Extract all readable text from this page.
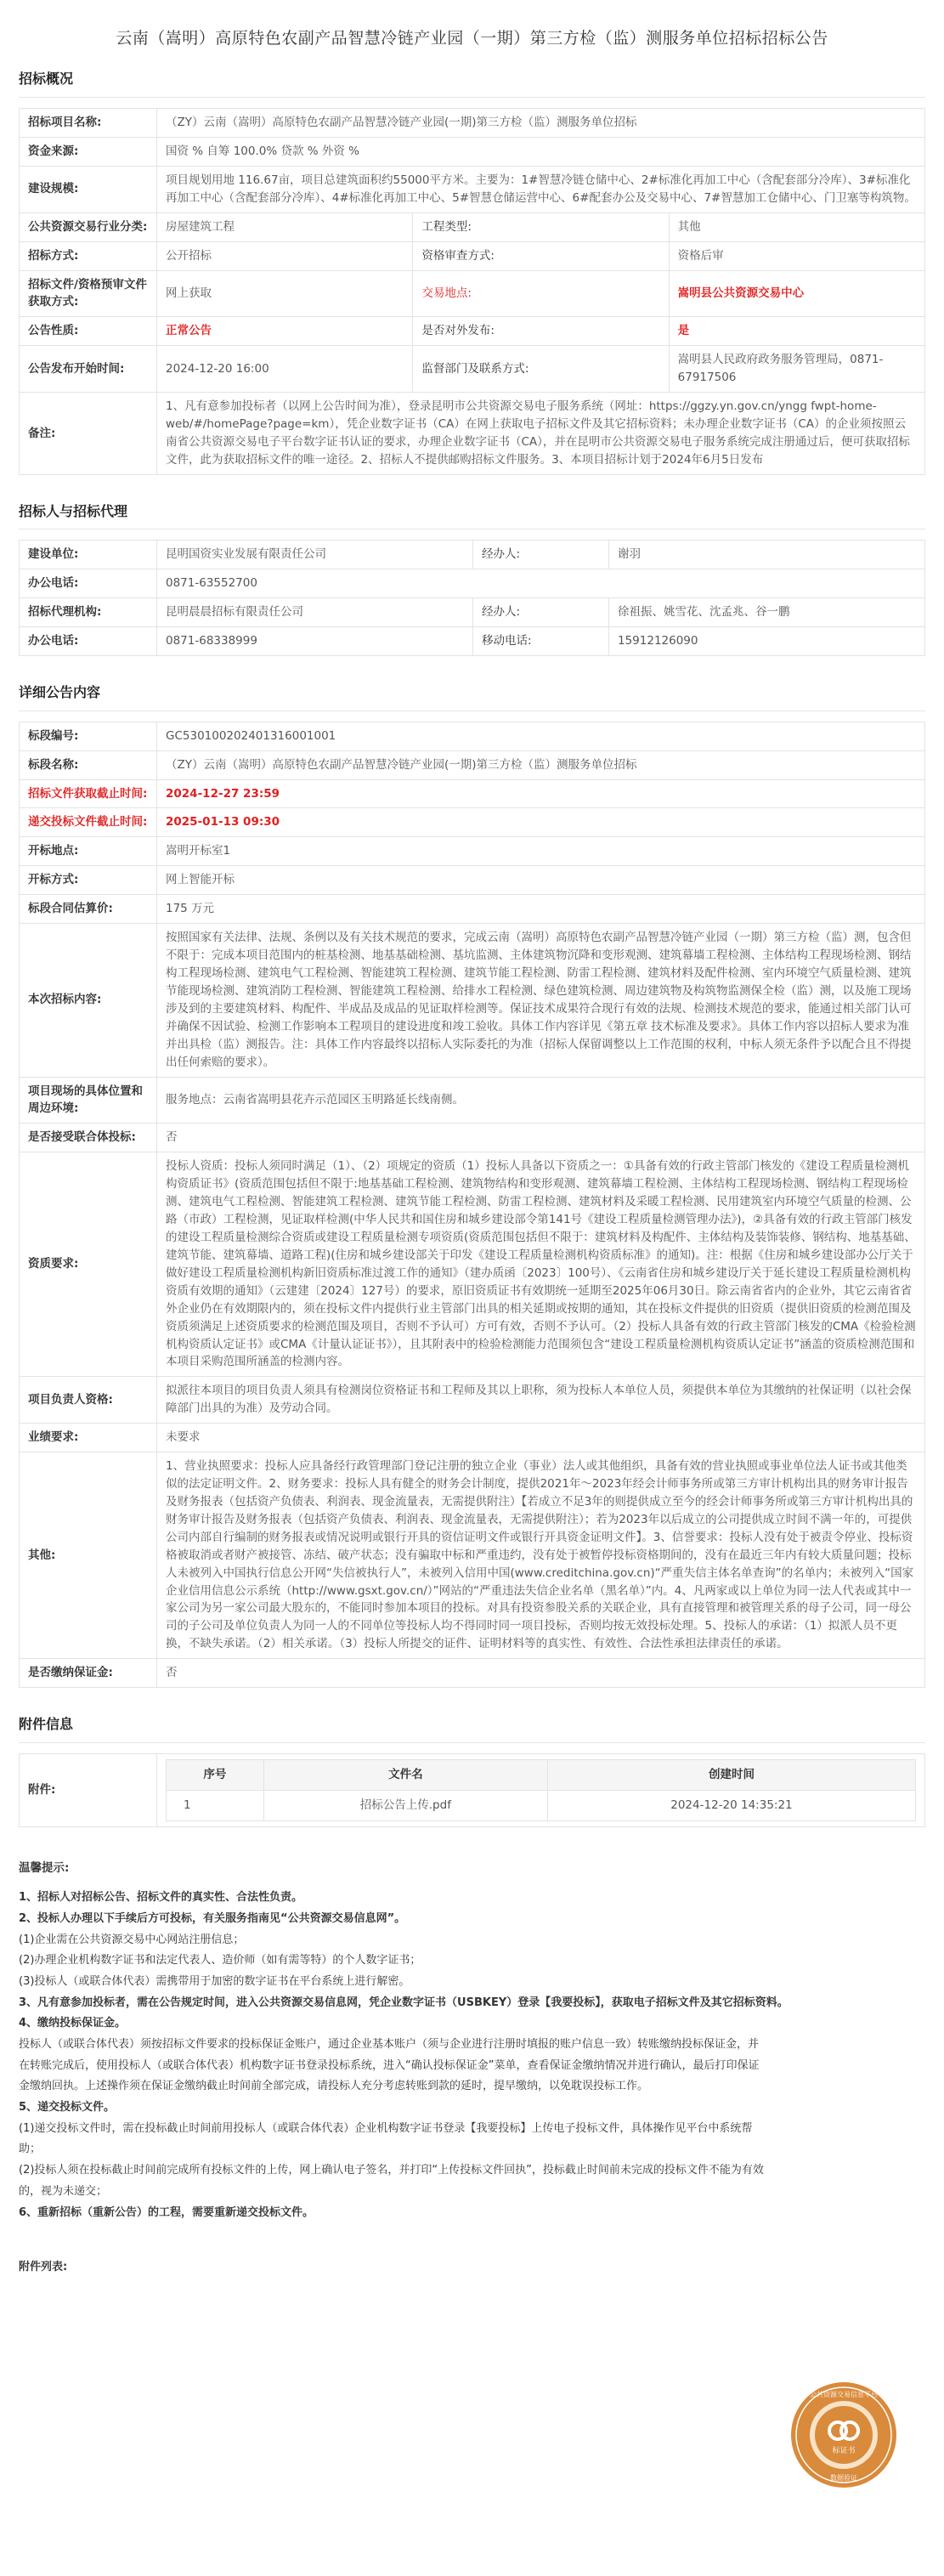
云南（嵩明）高原特色农副产品智慧冷链产业园（一期）第三方检（监）测服务单位招标招标公告
招标概况
招标项目名称:	（ZY）云南（嵩明）高原特色农副产品智慧冷链产业园(一期)第三方检（监）测服务单位招标		
资金来源:	国资 % 自筹 100.0% 贷款 % 外资 %		
建设规模:	项目规划用地 116.67亩，项目总建筑面积约55000平方米。主要为：1#智慧冷链仓储中心、2#标准化再加工中心（含配套部分冷库）、3#标准化再加工中心（含配套部分冷库）、4#标准化再加工中心、5#智慧仓储运营中心、6#配套办公及交易中心、7#智慧加工仓储中心、门卫塞等构筑物。		
公共资源交易行业分类:	房屋建筑工程	工程类型:	其他
招标方式:	公开招标	资格审查方式:	资格后审
招标文件/资格预审文件获取方式:	网上获取	交易地点:	嵩明县公共资源交易中心
公告性质:	正常公告	是否对外发布:	是
公告发布开始时间:	2024-12-20 16:00	监督部门及联系方式:	嵩明县人民政府政务服务管理局，0871-67917506
备注:	1、凡有意参加投标者（以网上公告时间为准），登录昆明市公共资源交易电子服务系统（网址：https://ggzy.yn.gov.cn/yngg fwpt-home-web/#/homePage?page=km），凭企业数字证书（CA）在网上获取电子招标文件及其它招标资料；未办理企业数字证书（CA）的企业须按照云南省公共资源交易电子平台数字证书认证的要求，办理企业数字证书（CA），并在昆明市公共资源交易电子服务系统完成注册通过后，便可获取招标文件，此为获取招标文件的唯一途径。2、招标人不提供邮购招标文件服务。3、本项目招标计划于2024年6月5日发布		
招标人与招标代理
建设单位:	昆明国资实业发展有限责任公司	经办人:	谢羽
办公电话:	0871-63552700		
招标代理机构:	昆明晨晨招标有限责任公司	经办人:	徐祖振、姚雪花、沈孟兆、谷一鹏
办公电话:	0871-68338999	移动电话:	15912126090
详细公告内容
标段编号:	GC530100202401316001001
标段名称:	（ZY）云南（嵩明）高原特色农副产品智慧冷链产业园(一期)第三方检（监）测服务单位招标
招标文件获取截止时间:	2024-12-27 23:59
递交投标文件截止时间:	2025-01-13 09:30
开标地点:	嵩明开标室1
开标方式:	网上智能开标
标段合同估算价:	175 万元
本次招标内容:	按照国家有关法律、法规、条例以及有关技术规范的要求，完成云南（嵩明）高原特色农副产品智慧冷链产业园（一期）第三方检（监）测，包含但不限于：完成本项目范围内的桩基检测、地基基础检测、基坑监测、主体建筑物沉降和变形观测、建筑幕墙工程检测、主体结构工程现场检测、钢结构工程现场检测、建筑电气工程检测、智能建筑工程检测、建筑节能工程检测、防雷工程检测、建筑材料及配件检测、室内环境空气质量检测、建筑节能现场检测、建筑消防工程检测、智能建筑工程检测、给排水工程检测、绿色建筑检测、周边建筑物及构筑物监测保全检（监）测，以及施工现场涉及到的主要建筑材料、构配件、半成品及成品的见证取样检测等。保证技术成果符合现行有效的法规、检测技术规范的要求，能通过相关部门认可并确保不因试验、检测工作影响本工程项目的建设进度和竣工验收。具体工作内容详见《第五章 技术标准及要求》。具体工作内容以招标人要求为准并出具检（监）测报告。注：具体工作内容最终以招标人实际委托的为准（招标人保留调整以上工作范围的权利，中标人须无条件予以配合且不得提出任何索赔的要求）。
项目现场的具体位置和周边环境:	服务地点：云南省嵩明县花卉示范园区玉明路延长线南侧。
是否接受联合体投标:	否
资质要求:	投标人资质：投标人须同时满足（1）、（2）项规定的资质（1）投标人具备以下资质之一：①具备有效的行政主管部门核发的《建设工程质量检测机构资质证书》(资质范围包括但不限于:地基基础工程检测、建筑物结构和变形观测、建筑幕墙工程检测、主体结构工程现场检测、钢结构工程现场检测、建筑电气工程检测、智能建筑工程检测、建筑节能工程检测、防雷工程检测、建筑材料及采暖工程检测、民用建筑室内环境空气质量的检测、公路（市政）工程检测，见证取样检测(中华人民共和国住房和城乡建设部令第141号《建设工程质量检测管理办法》)，②具备有效的行政主管部门核发的建设工程质量检测综合资质或建设工程质量检测专项资质(资质范围包括但不限于：建筑材料及构配件、主体结构及装饰装修、钢结构、地基基础、建筑节能、建筑幕墙、道路工程)(住房和城乡建设部关于印发《建设工程质量检测机构资质标准》的通知)。注：根据《住房和城乡建设部办公厅关于做好建设工程质量检测机构新旧资质标准过渡工作的通知》（建办质函〔2023〕100号）、《云南省住房和城乡建设厅关于延长建设工程质量检测机构资质有效期的通知》（云建建〔2024〕127号）的要求，原旧资质证书有效期统一延期至2025年06月30日。除云南省省内的企业外，其它云南省省外企业仍在有效期限内的，须在投标文件内提供行业主管部门出具的相关延期或按期的通知，其在投标文件提供的旧资质（提供旧资质的检测范围及资质须满足上述资质要求的检测范围及项目，否则不予认可）方可有效，否则不予认可。（2）投标人具备有效的行政主管部门核发的CMA《检验检测机构资质认定证书》或CMA《计量认证证书》），且其附表中的检验检测能力范围须包含“建设工程质量检测机构资质认定证书”涵盖的资质检测范围和本项目采购范围所涵盖的检测内容。
项目负责人资格:	拟派往本项目的项目负责人须具有检测岗位资格证书和工程师及其以上职称，须为投标人本单位人员，须提供本单位为其缴纳的社保证明（以社会保障部门出具的为准）及劳动合同。
业绩要求:	未要求
其他:	1、营业执照要求：投标人应具备经行政管理部门登记注册的独立企业（事业）法人或其他组织，具备有效的营业执照或事业单位法人证书或其他类似的法定证明文件。2、财务要求：投标人具有健全的财务会计制度，提供2021年～2023年经会计师事务所或第三方审计机构出具的财务审计报告及财务报表（包括资产负债表、利润表、现金流量表，无需提供附注）【若成立不足3年的则提供成立至今的经会计师事务所或第三方审计机构出具的财务审计报告及财务报表（包括资产负债表、利润表、现金流量表，无需提供附注）；若为2023年以后成立的公司提供成立时间不满一年的，可提供公司内部自行编制的财务报表或情况说明或银行开具的资信证明文件或银行开具资金证明文件】。3、信誉要求：投标人没有处于被责令停业、投标资格被取消或者财产被接管、冻结、破产状态；没有骗取中标和严重违约，没有处于被暂停投标资格期间的，没有在最近三年内有较大质量问题；投标人未被列入中国执行信息公开网“失信被执行人”，未被列入信用中国(www.creditchina.gov.cn)“严重失信主体名单查询”的名单内；未被列入“国家企业信用信息公示系统（http://www.gsxt.gov.cn/）”网站的“严重违法失信企业名单（黑名单）”内。4、凡两家或以上单位为同一法人代表或其中一家公司为另一家公司最大股东的，不能同时参加本项目的投标。对具有投资参股关系的关联企业，具有直接管理和被管理关系的母子公司，同一母公司的子公司及单位负责人为同一人的不同单位等投标人均不得同时同一项目投标，否则均按无效投标处理。5、投标人的承诺：（1）拟派人员不更换，不缺失承诺。（2）相关承诺。（3）投标人所提交的证件、证明材料等的真实性、有效性、合法性承担法律责任的承诺。
是否缴纳保证金:	否
附件信息
附件:	
序号	文件名	创建时间
1	招标公告上传.pdf	2024-12-20 14:35:21
温馨提示:

1、招标人对招标公告、招标文件的真实性、合法性负责。

2、投标人办理以下手续后方可投标，有关服务指南见“公共资源交易信息网”。

(1)企业需在公共资源交易中心网站注册信息；

(2)办理企业机构数字证书和法定代表人、造价师（如有需等特）的个人数字证书；

(3)投标人（或联合体代表）需携带用于加密的数字证书在平台系统上进行解密。

3、凡有意参加投标者，需在公告规定时间，进入公共资源交易信息网，凭企业数字证书（USBKEY）登录【我要投标】，获取电子招标文件及其它招标资料。

4、缴纳投标保证金。

投标人（或联合体代表）须按招标文件要求的投标保证金账户，通过企业基本账户（须与企业进行注册时填报的账户信息一致）转账缴纳投标保证金，并在转账完成后，使用投标人（或联合体代表）机构数字证书登录投标系统，进入“确认投标保证金”菜单，查看保证金缴纳情况并进行确认，最后打印保证金缴纳回执。上述操作须在保证金缴纳截止时间前全部完成，请投标人充分考虑转账到款的延时，提早缴纳，以免耽误投标工作。

5、递交投标文件。

(1)递交投标文件时，需在投标截止时间前用投标人（或联合体代表）企业机构数字证书登录【我要投标】上传电子投标文件，具体操作见平台中系统帮助；

(2)投标人须在投标截止时间前完成所有投标文件的上传，网上确认电子签名，并打印“上传投标文件回执”，投标截止时间前未完成的投标文件不能为有效的，视为未递交；

6、重新招标（重新公告）的工程，需要重新递交投标文件。

附件列表:

标证书
公共资源交易信息平台
数据验证
